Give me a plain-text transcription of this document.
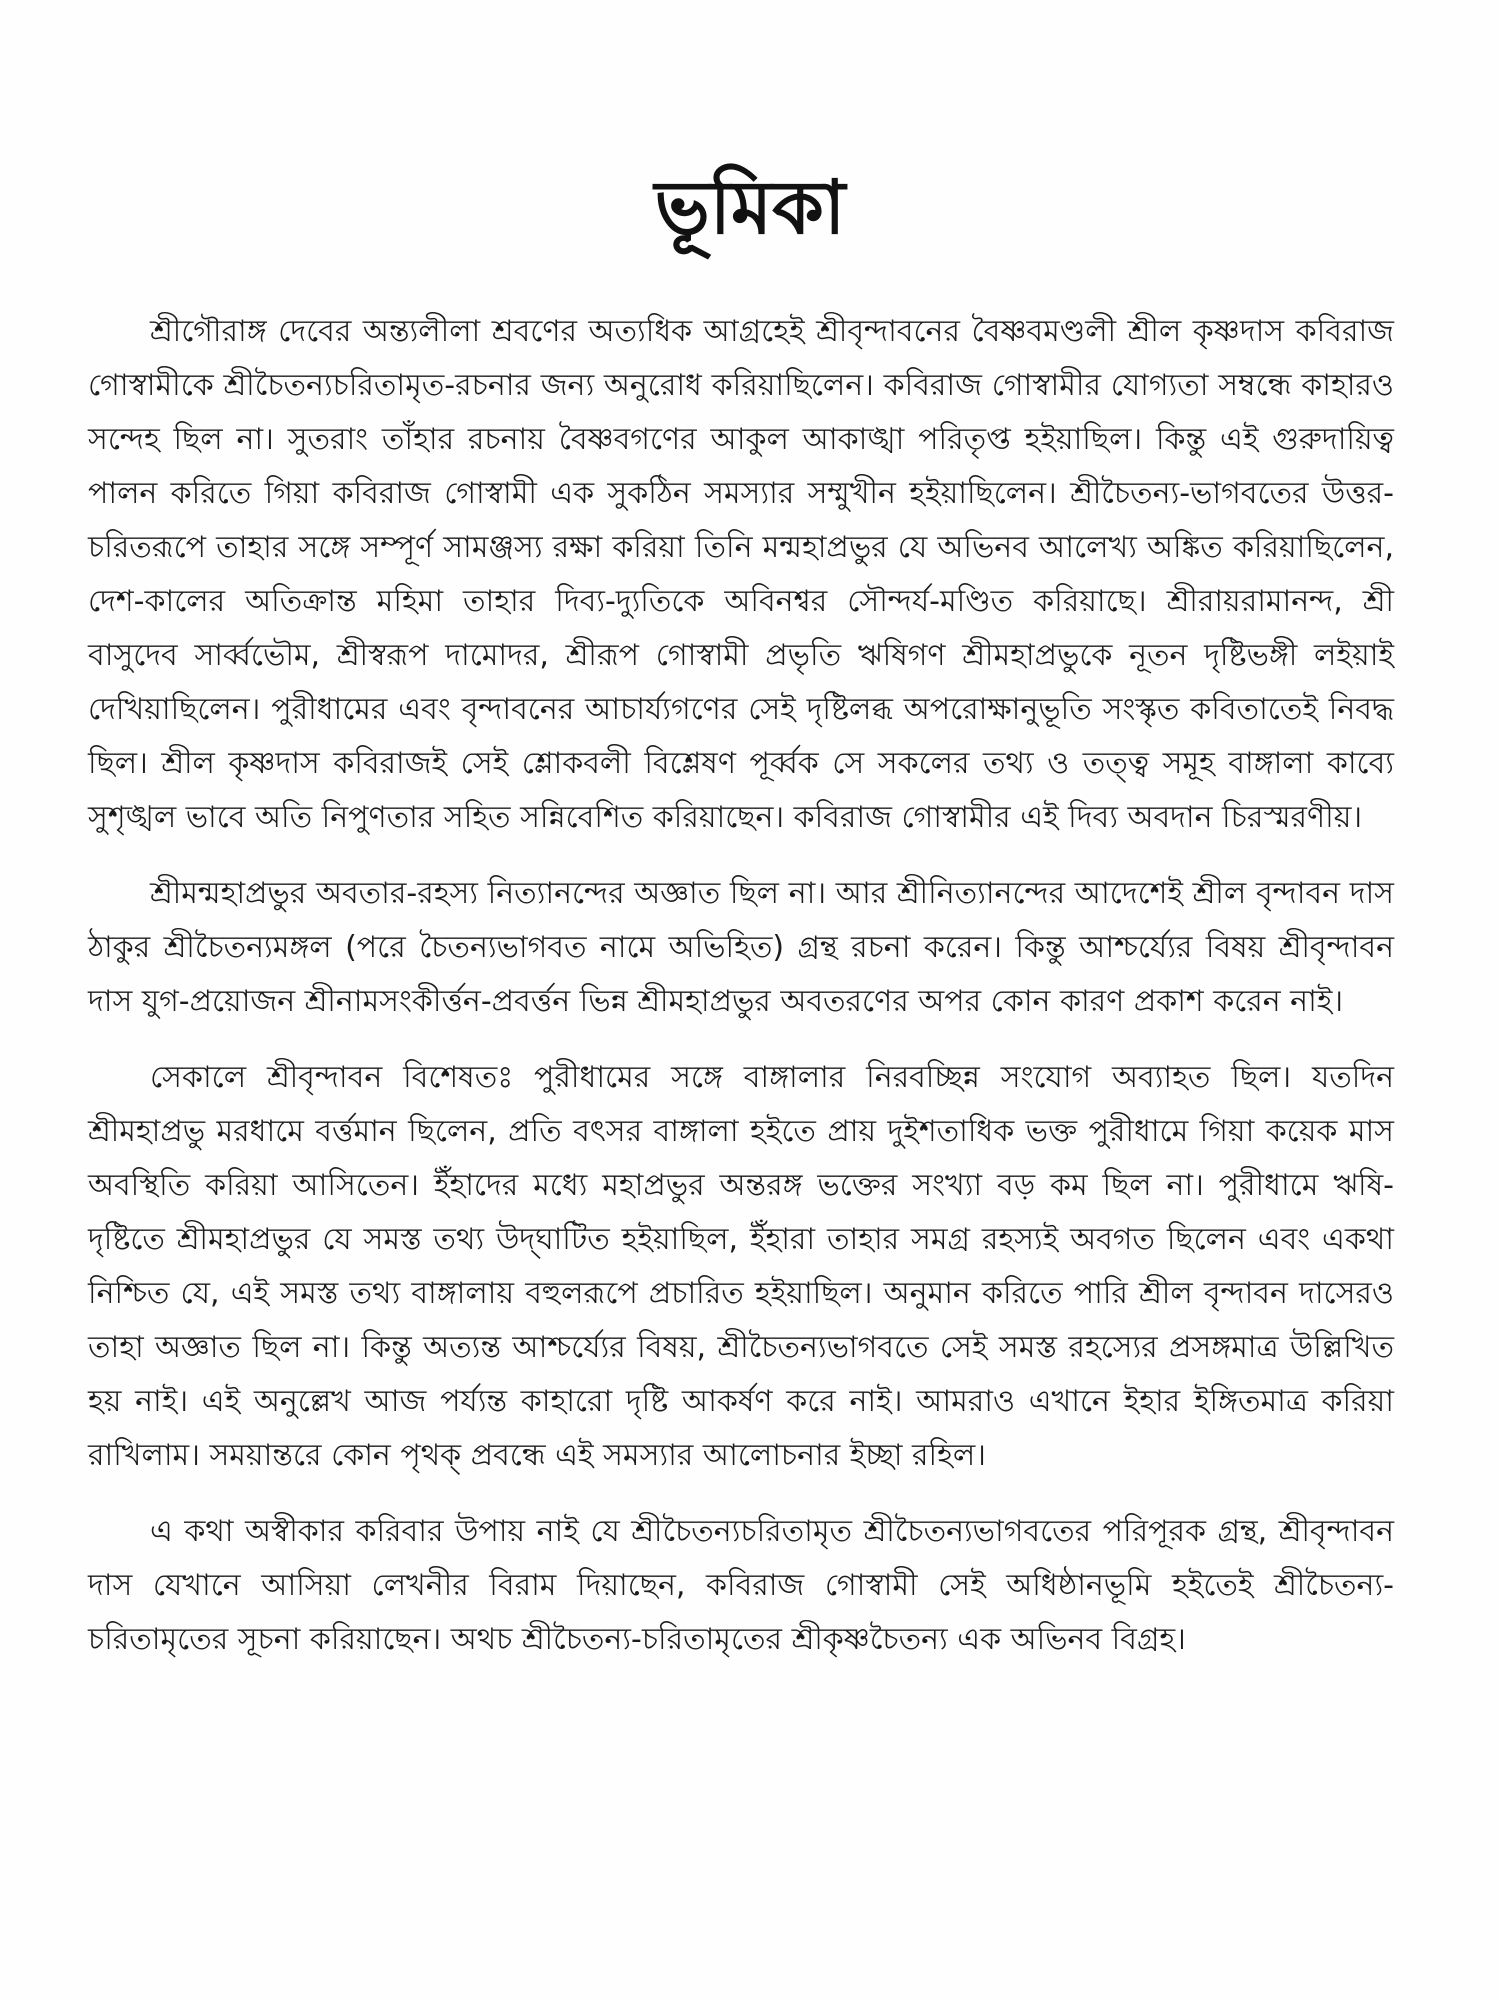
ভূমিকা

শ্রীগৌরাঙ্গ দেবের অন্ত্যলীলা শ্রবণের অত্যধিক আগ্রহেই শ্রীবৃন্দাবনের বৈষ্ণবমণ্ডলী শ্রীল কৃষ্ণদাস কবিরাজ গোস্বামীকে শ্রীচৈতন্যচরিতামৃত-রচনার জন্য অনুরোধ করিয়াছিলেন। কবিরাজ গোস্বামীর যোগ্যতা সম্বন্ধে কাহারও সন্দেহ ছিল না। সুতরাং তাঁহার রচনায় বৈষ্ণবগণের আকুল আকাঙ্খা পরিতৃপ্ত হইয়াছিল। কিন্তু এই গুরুদায়িত্ব পালন করিতে গিয়া কবিরাজ গোস্বামী এক সুকঠিন সমস্যার সম্মুখীন হইয়াছিলেন। শ্রীচৈতন্য-ভাগবতের উত্তর-চরিতরূপে তাহার সঙ্গে সম্পূর্ণ সামঞ্জস্য রক্ষা করিয়া তিনি মন্মহাপ্রভুর যে অভিনব আলেখ্য অঙ্কিত করিয়াছিলেন, দেশ-কালের অতিক্রান্ত মহিমা তাহার দিব্য-দ্যুতিকে অবিনশ্বর সৌন্দর্য-মণ্ডিত করিয়াছে। শ্রীরায়রামানন্দ, শ্রী বাসুদেব সার্ব্বভৌম, শ্রীস্বরূপ দামোদর, শ্রীরূপ গোস্বামী প্রভৃতি ঋষিগণ শ্রীমহাপ্রভুকে নূতন দৃষ্টিভঙ্গী লইয়াই দেখিয়াছিলেন। পুরীধামের এবং বৃন্দাবনের আচার্য্যগণের সেই দৃষ্টিলব্ধ অপরোক্ষানুভূতি সংস্কৃত কবিতাতেই নিবদ্ধ ছিল। শ্রীল কৃষ্ণদাস কবিরাজই সেই শ্লোকবলী বিশ্লেষণ পূর্ব্বক সে সকলের তথ্য ও তত্ত্ব সমূহ বাঙ্গালা কাব্যে সুশৃঙ্খল ভাবে অতি নিপুণতার সহিত সন্নিবেশিত করিয়াছেন। কবিরাজ গোস্বামীর এই দিব্য অবদান চিরস্মরণীয়।

শ্রীমন্মহাপ্রভুর অবতার-রহস্য নিত্যানন্দের অজ্ঞাত ছিল না। আর শ্রীনিত্যানন্দের আদেশেই শ্রীল বৃন্দাবন দাস ঠাকুর শ্রীচৈতন্যমঙ্গল (পরে চৈতন্যভাগবত নামে অভিহিত) গ্রন্থ রচনা করেন। কিন্তু আশ্চর্য্যের বিষয় শ্রীবৃন্দাবন দাস যুগ-প্রয়োজন শ্রীনামসংকীর্ত্তন-প্রবর্ত্তন ভিন্ন শ্রীমহাপ্রভুর অবতরণের অপর কোন কারণ প্রকাশ করেন নাই।

সেকালে শ্রীবৃন্দাবন বিশেষতঃ পুরীধামের সঙ্গে বাঙ্গালার নিরবচ্ছিন্ন সংযোগ অব্যাহত ছিল। যতদিন শ্রীমহাপ্রভু মরধামে বর্ত্তমান ছিলেন, প্রতি বৎসর বাঙ্গালা হইতে প্রায় দুইশতাধিক ভক্ত পুরীধামে গিয়া কয়েক মাস অবস্থিতি করিয়া আসিতেন। ইঁহাদের মধ্যে মহাপ্রভুর অন্তরঙ্গ ভক্তের সংখ্যা বড় কম ছিল না। পুরীধামে ঋষি-দৃষ্টিতে শ্রীমহাপ্রভুর যে সমস্ত তথ্য উদ্‌ঘাটিত হইয়াছিল, ইঁহারা তাহার সমগ্র রহস্যই অবগত ছিলেন এবং একথা নিশ্চিত যে, এই সমস্ত তথ্য বাঙ্গালায় বহুলরূপে প্রচারিত হইয়াছিল। অনুমান করিতে পারি শ্রীল বৃন্দাবন দাসেরও তাহা অজ্ঞাত ছিল না। কিন্তু অত্যন্ত আশ্চর্য্যের বিষয়, শ্রীচৈতন্যভাগবতে সেই সমস্ত রহস্যের প্রসঙ্গমাত্র উল্লিখিত হয় নাই। এই অনুল্লেখ আজ পর্য্যন্ত কাহারো দৃষ্টি আকর্ষণ করে নাই। আমরাও এখানে ইহার ইঙ্গিতমাত্র করিয়া রাখিলাম। সময়ান্তরে কোন পৃথক্ প্রবন্ধে এই সমস্যার আলোচনার ইচ্ছা রহিল।

এ কথা অস্বীকার করিবার উপায় নাই যে শ্রীচৈতন্যচরিতামৃত শ্রীচৈতন্যভাগবতের পরিপূরক গ্রন্থ, শ্রীবৃন্দাবন দাস যেখানে আসিয়া লেখনীর বিরাম দিয়াছেন, কবিরাজ গোস্বামী সেই অধিষ্ঠানভূমি হইতেই শ্রীচৈতন্য-চরিতামৃতের সূচনা করিয়াছেন। অথচ শ্রীচৈতন্য-চরিতামৃতের শ্রীকৃষ্ণচৈতন্য এক অভিনব বিগ্রহ।
